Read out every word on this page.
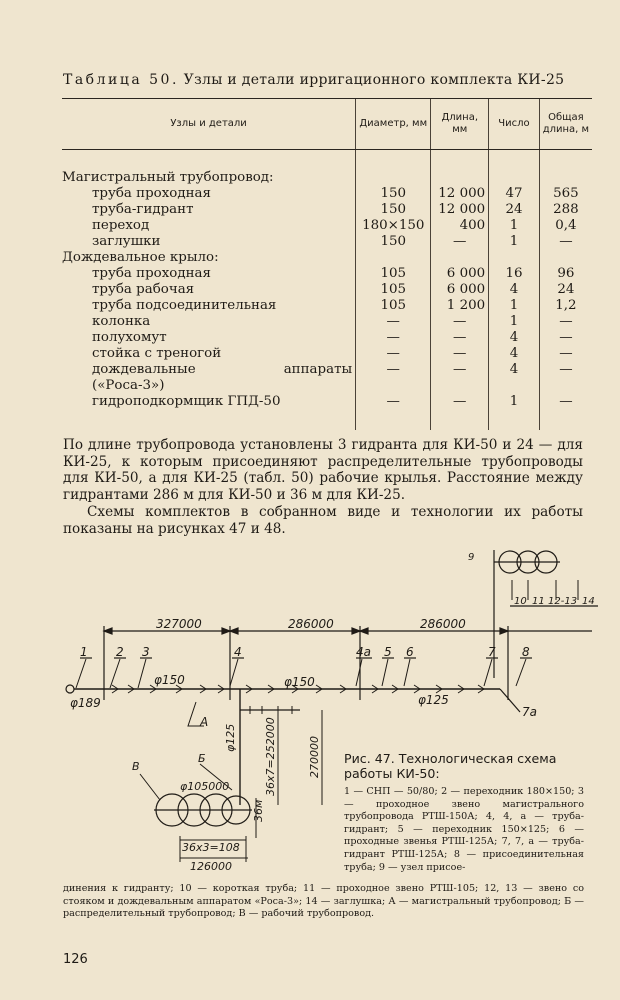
Таблица 50. Узлы и детали ирригационного комплекта КИ-25
Узлы и детали	Диаметр, мм	Длина, мм	Число	Общая длина, м

Магистральный трубопровод:				
труба проходная	150	12 000	47	565
труба-гидрант	150	12 000	24	288
переход	180×150	400	1	0,4
заглушки	150	—	1	—
Дождевальное крыло:				
труба проходная	105	6 000	16	96
труба рабочая	105	6 000	4	24
труба подсоединительная	105	1 200	1	1,2
колонка	—	—	1	—
полухомут	—	—	4	—
стойка с треногой	—	—	4	—

дождевальные аппараты
(«Роса-3»)	—	—	4	—
гидроподкормщик ГПД-50	—	—	1	—

По длине трубопровода установлены 3 гидранта для КИ-50 и 24 — для КИ-25, к которым присоединяют распределительные трубопроводы для КИ-50, а для КИ-25 (табл. 50) рабочие крылья. Расстояние между гидрантами 286 м для КИ-50 и 36 м для КИ-25.
Схемы комплектов в собранном виде и технологии их работы показаны на рисунках 47 и 48.
327000	286000	286000
1 2 3	4	4а 5 6	7 8
φ189
φ150	φ150
φ125
7а
А
9
10 11 12-13 14
φ125 36x7=252000	270000
36м
Б
В
φ105000
36x3=108
126000
Рис. 47. Технологическая схема работы КИ-50:
1 — СНП — 50/80; 2 — переходник 180×150; 3 — проходное звено магистрального трубопровода РТШ-150А; 4, 4, а — труба-гидрант; 5 — переходник 150×125; 6 — проходные звенья РТШ-125А; 7, 7, а — труба-гидрант РТШ-125А; 8 — присоединительная труба; 9 — узел присое-
динения к гидранту; 10 — короткая труба; 11 — проходное звено РТШ-105; 12, 13 — звено со стояком и дождевальным аппаратом «Роса-3»; 14 — заглушка; А — магистральный трубопровод; Б — распределительный трубопровод; В — рабочий трубопровод.
126
